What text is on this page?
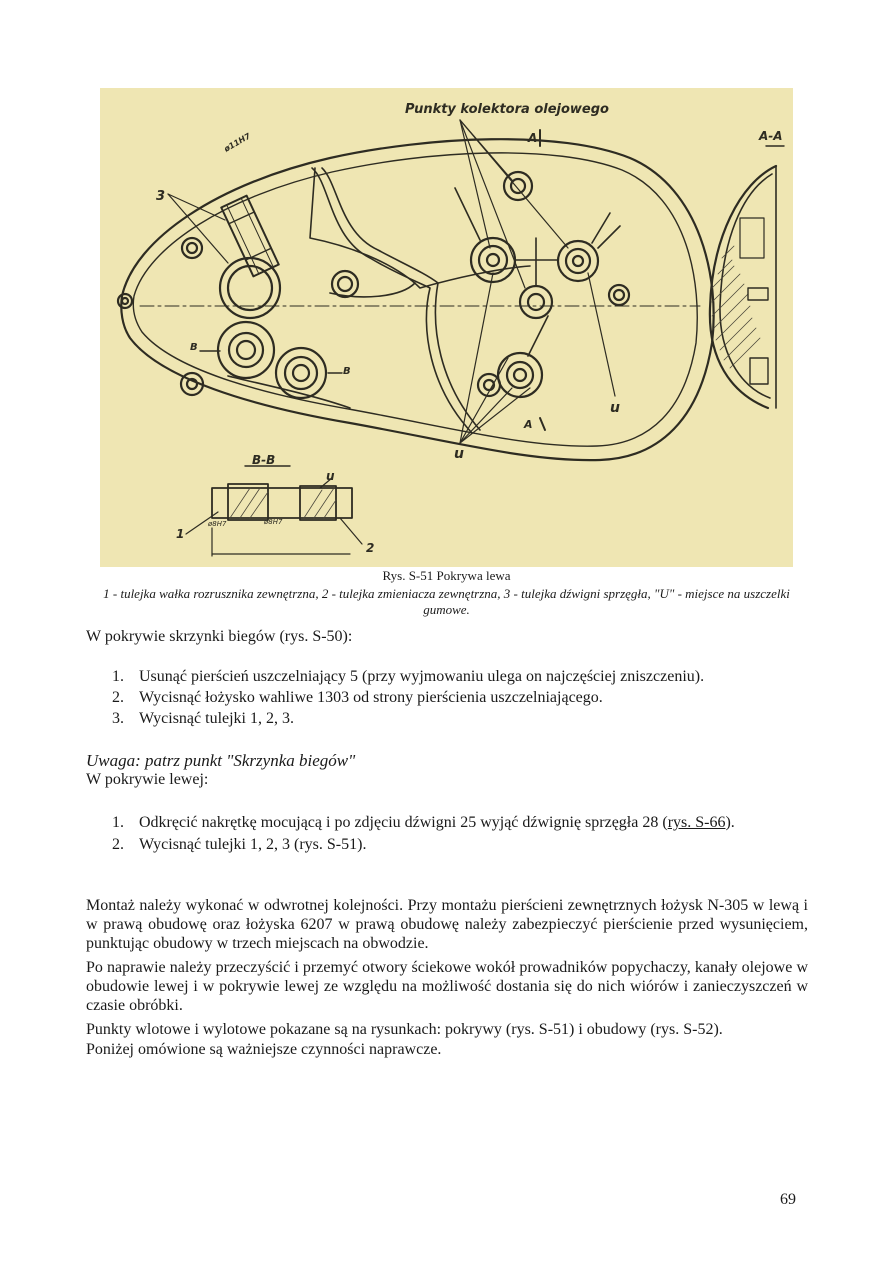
Punkty kolektora olejowego
A-A
A
A
3
u
u
u
B
B
B-B
1
2
ø11H7
ø8H7	ø8H7
Rys. S-51 Pokrywa lewa
1 - tulejka wałka rozrusznika zewnętrzna, 2 - tulejka zmieniacza zewnętrzna, 3 - tulejka dźwigni sprzęgła, "U" - miejsce na uszczelki gumowe.
W pokrywie skrzynki biegów (rys. S-50):
1. Usunąć pierścień uszczelniający 5 (przy wyjmowaniu ulega on najczęściej zniszczeniu).
2. Wycisnąć łożysko wahliwe 1303 od strony pierścienia uszczelniającego.
3. Wycisnąć tulejki 1, 2, 3.
Uwaga: patrz punkt "Skrzynka biegów"
W pokrywie lewej:
1. Odkręcić nakrętkę mocującą i po zdjęciu dźwigni 25 wyjąć dźwignię sprzęgła 28 (rys. S-66).
2. Wycisnąć tulejki 1, 2, 3 (rys. S-51).
Montaż należy wykonać w odwrotnej kolejności. Przy montażu pierścieni zewnętrznych łożysk N-305 w lewą i w prawą obudowę oraz łożyska 6207 w prawą obudowę należy zabezpieczyć pierścienie przed wysunięciem, punktując obudowy w trzech miejscach na obwodzie.
Po naprawie należy przeczyścić i przemyć otwory ściekowe wokół prowadników popychaczy, kanały olejowe w obudowie lewej i w pokrywie lewej ze względu na możliwość dostania się do nich wiórów i zanieczyszczeń w czasie obróbki.
Punkty wlotowe i wylotowe pokazane są na rysunkach: pokrywy (rys. S-51) i obudowy (rys. S-52).
Poniżej omówione są ważniejsze czynności naprawcze.
69
